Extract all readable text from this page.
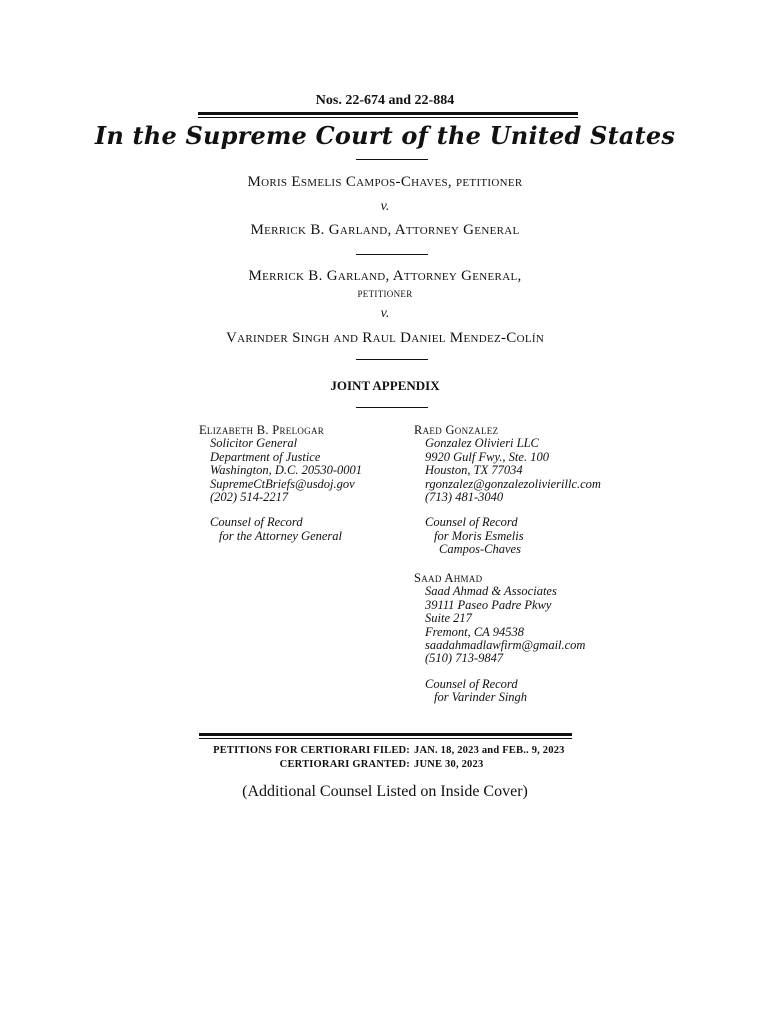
Nos. 22-674 and 22-884
In the Supreme Court of the United States
Moris Esmelis Campos-Chaves, petitioner
v.
Merrick B. Garland, Attorney General
Merrick B. Garland, Attorney General,
petitioner
v.
Varinder Singh and Raul Daniel Mendez-Colín
JOINT APPENDIX
Elizabeth B. Prelogar
Solicitor General
Department of Justice
Washington, D.C. 20530-0001
SupremeCtBriefs@usdoj.gov
(202) 514-2217
Counsel of Record
for the Attorney General
Raed Gonzalez
Gonzalez Olivieri LLC
9920 Gulf Fwy., Ste. 100
Houston, TX 77034
rgonzalez@gonzalezolivierillc.com
(713) 481-3040
Counsel of Record
for Moris Esmelis
Campos-Chaves
Saad Ahmad
Saad Ahmad & Associates
39111 Paseo Padre Pkwy
Suite 217
Fremont, CA 94538
saadahmadlawfirm@gmail.com
(510) 713-9847
Counsel of Record
for Varinder Singh
PETITIONS FOR CERTIORARI FILED: JAN. 18, 2023 and FEB.. 9, 2023
CERTIORARI GRANTED: JUNE 30, 2023
(Additional Counsel Listed on Inside Cover)
